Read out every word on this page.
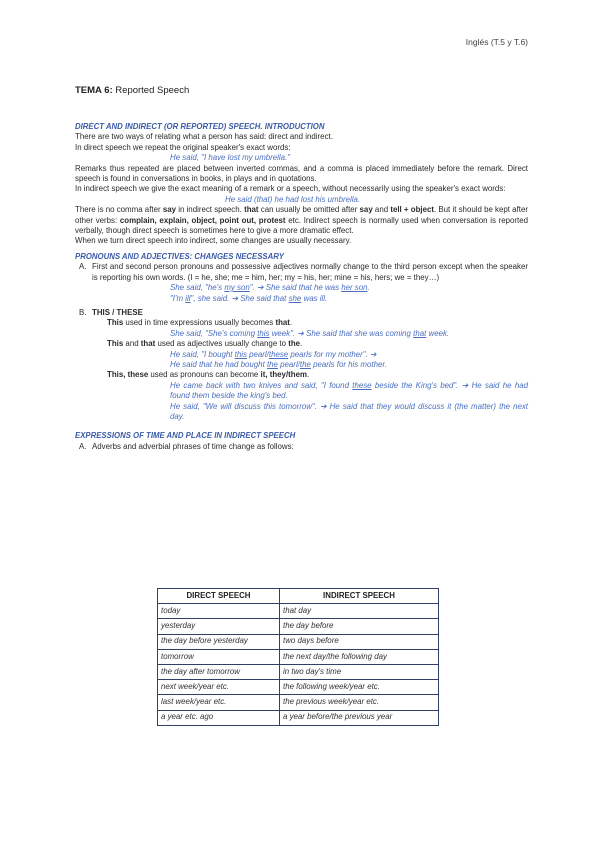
Inglés (T.5 y T.6)
TEMA 6: Reported Speech

DIRECT AND INDIRECT (OR REPORTED) SPEECH. INTRODUCTION

There are two ways of relating what a person has said: direct and indirect.

In direct speech we repeat the original speaker's exact words:

He said, "I have lost my umbrella."

Remarks thus repeated are placed between inverted commas, and a comma is placed immediately before the remark. Direct speech is found in conversations in books, in plays and in quotations.

In indirect speech we give the exact meaning of a remark or a speech, without necessarily using the speaker's exact words:

He said (that) he had lost his umbrella.

There is no comma after say in indirect speech. that can usually be omitted after say and tell + object. But it should be kept after other verbs: complain, explain, object, point out, protest etc. Indirect speech is normally used when conversation is reported verbally, though direct speech is sometimes here to give a more dramatic effect.

When we turn direct speech into indirect, some changes are usually necessary.

PRONOUNS AND ADJECTIVES: CHANGES NECESSARY

A. First and second person pronouns and possessive adjectives normally change to the third person except when the speaker is reporting his own words. (I = he, she; me = him, her; my = his, her; mine = his, hers; we = they…)

She said, "he's my son". ➔ She said that he was her son.

"I'm ill", she said. ➔ She said that she was ill.

B. THIS / THESE

This used in time expressions usually becomes that.

She said, "She's coming this week". ➔ She said that she was coming that week.

This and that used as adjectives usually change to the.

He said, "I bought this pearl/these pearls for my mother". ➔

He said that he had bought the pearl/the pearls for his mother.

This, these used as pronouns can become it, they/them.

He came back with two knives and said, "I found these beside the King's bed". ➔ He said he had found them beside the king's bed.

He said, "We will discuss this tomorrow". ➔ He said that they would discuss it (the matter) the next day.

EXPRESSIONS OF TIME AND PLACE IN INDIRECT SPEECH

A. Adverbs and adverbial phrases of time change as follows:

DIRECT SPEECH	INDIRECT SPEECH
today	that day
yesterday	the day before
the day before yesterday	two days before
tomorrow	the next day/the following day
the day after tomorrow	in two day's time
next week/year etc.	the following week/year etc.
last week/year etc.	the previous week/year etc.
a year etc. ago	a year before/the previous year
